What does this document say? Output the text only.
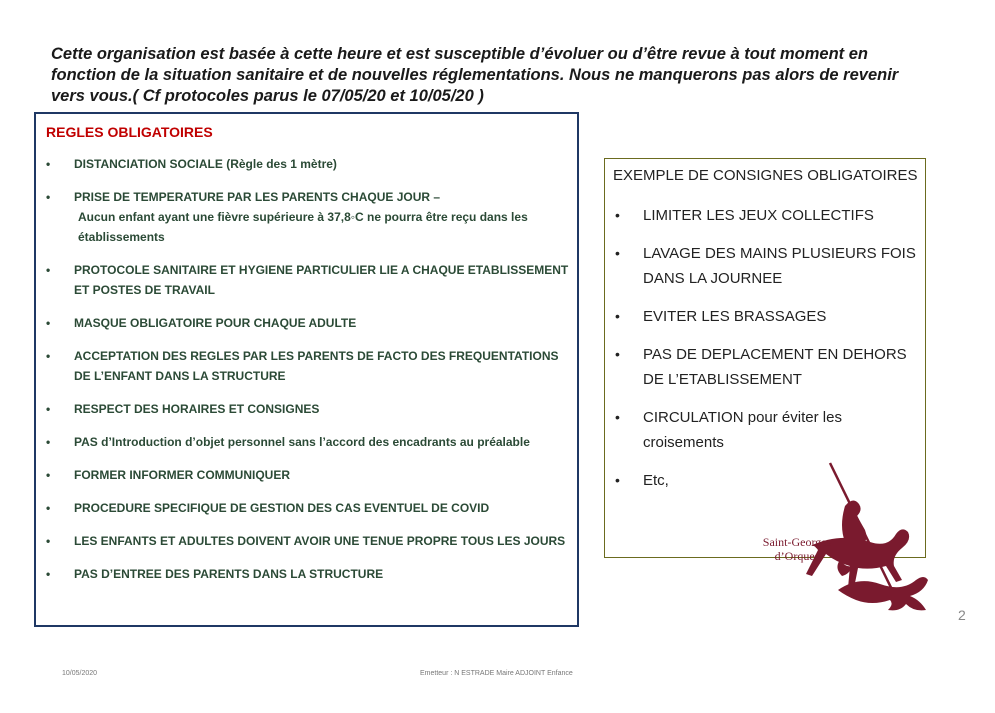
Cette organisation est basée à cette heure et est susceptible d’évoluer ou d’être revue à tout moment en fonction de la situation sanitaire et de nouvelles réglementations. Nous ne manquerons pas alors de revenir vers vous.( Cf protocoles parus le 07/05/20 et 10/05/20 )

REGLES OBLIGATOIRES

• DISTANCIATION SOCIALE (Règle des 1 mètre)
• PRISE DE TEMPERATURE PAR LES PARENTS CHAQUE JOUR –
Aucun enfant ayant une fièvre supérieure à 37,8◦C ne pourra être reçu dans les établissements
• PROTOCOLE SANITAIRE ET HYGIENE PARTICULIER LIE A CHAQUE ETABLISSEMENT ET POSTES DE TRAVAIL
• MASQUE OBLIGATOIRE POUR CHAQUE ADULTE
• ACCEPTATION DES REGLES PAR LES PARENTS DE FACTO DES FREQUENTATIONS DE L’ENFANT DANS LA STRUCTURE
• RESPECT DES HORAIRES ET CONSIGNES
• PAS d’Introduction d’objet personnel sans l’accord des encadrants au préalable
• FORMER INFORMER COMMUNIQUER
• PROCEDURE SPECIFIQUE DE GESTION DES CAS EVENTUEL DE COVID
• LES ENFANTS ET ADULTES DOIVENT AVOIR UNE TENUE PROPRE TOUS LES JOURS
• PAS D’ENTREE DES PARENTS DANS LA STRUCTURE

EXEMPLE DE CONSIGNES OBLIGATOIRES

• LIMITER LES JEUX COLLECTIFS
• LAVAGE DES MAINS PLUSIEURS FOIS DANS LA JOURNEE
• EVITER LES BRASSAGES
• PAS DE DEPLACEMENT EN DEHORS DE L’ETABLISSEMENT
• CIRCULATION pour éviter les croisements
• Etc,
Saint-Georges
d’Orques
2
10/05/2020	Emetteur : N ESTRADE Maire ADJOINT Enfance
